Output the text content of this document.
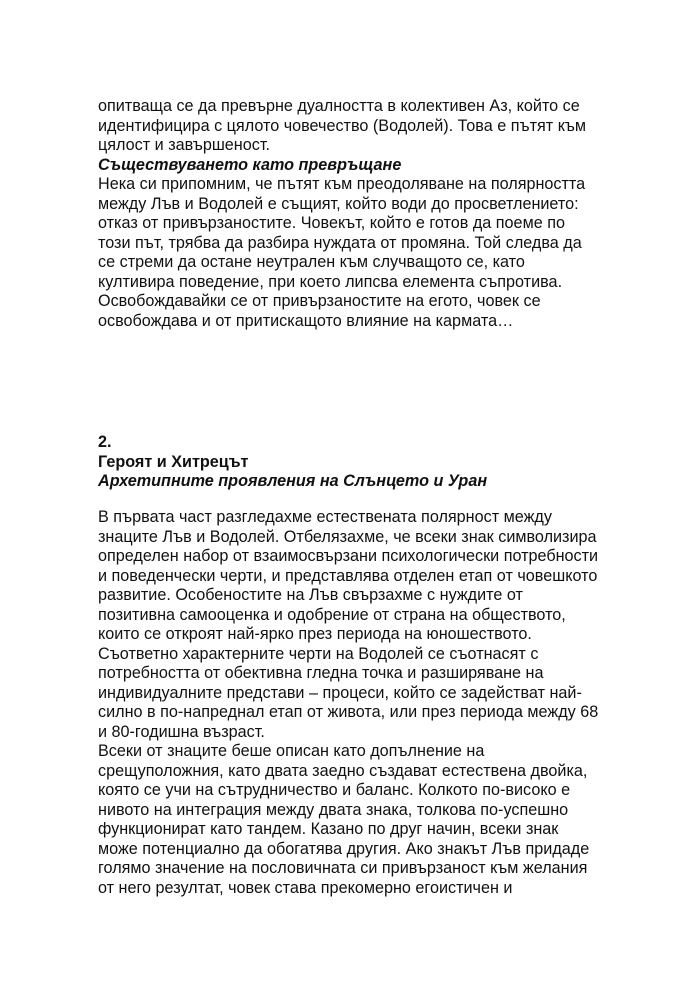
опитваща се да превърне дуалността в колективен Аз, който се
идентифицира с цялото човечество (Водолей). Това е пътят към
цялост и завършеност.
Съществуването като превръщане
Нека си припомним, че пътят към преодоляване на полярността
между Лъв и Водолей е същият, който води до просветлението:
отказ от привързаностите. Човекът, който е готов да поеме по
този път, трябва да разбира нуждата от промяна. Той следва да
се стреми да остане неутрален към случващото се, като
култивира поведение, при което липсва елемента съпротива.
Освобождавайки се от привързаностите на егото, човек се
освобождава и от притискащото влияние на кармата…
2.
Героят и Хитрецът
Архетипните проявления на Слънцето и Уран
В първата част разгледахме естествената полярност между
знаците Лъв и Водолей. Отбелязахме, че всеки знак символизира
определен набор от взаимосвързани психологически потребности
и поведенчески черти, и представлява отделен етап от човешкото
развитие. Особеностите на Лъв свързахме с нуждите от
позитивна самооценка и одобрение от страна на обществото,
които се откроят най-ярко през периода на юношеството.
Съответно характерните черти на Водолей се съотнасят с
потребността от обективна гледна точка и разширяване на
индивидуалните представи – процеси, който се задействат най-
силно в по-напреднал етап от живота, или през периода между 68
и 80-годишна възраст.
Всеки от знаците беше описан като допълнение на
срещуположния, като двата заедно създават естествена двойка,
която се учи на сътрудничество и баланс. Колкото по-високо е
нивото на интеграция между двата знака, толкова по-успешно
функционират като тандем. Казано по друг начин, всеки знак
може потенциално да обогатява другия. Ако знакът Лъв придаде
голямо значение на пословичната си привързаност към желания
от него резултат, човек става прекомерно егоистичен и
